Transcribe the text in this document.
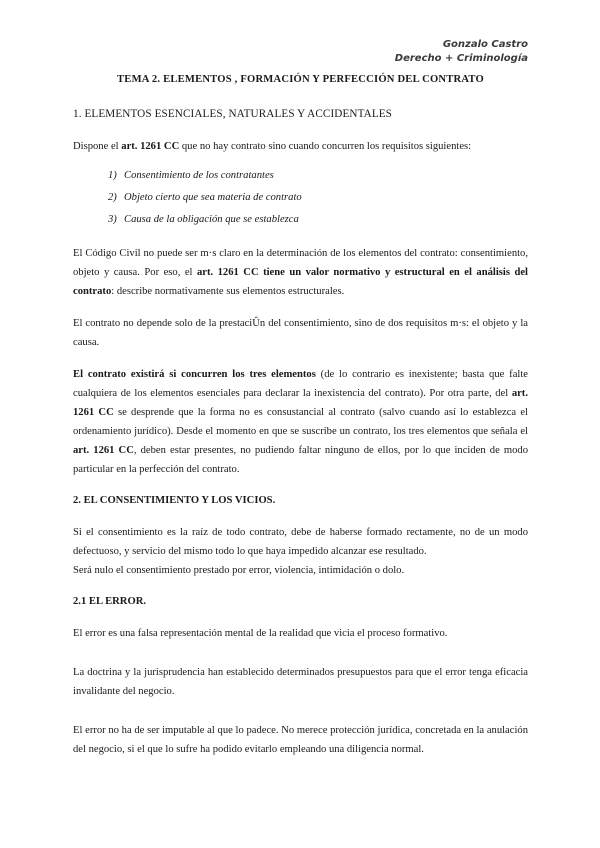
Gonzalo Castro
Derecho + Criminología

TEMA 2. ELEMENTOS , FORMACIÓN Y PERFECCIÓN DEL CONTRATO

1. ELEMENTOS ESENCIALES, NATURALES Y ACCIDENTALES

Dispone el art. 1261 CC que no hay contrato sino cuando concurren los requisitos siguientes:

1) Consentimiento de los contratantes
2) Objeto cierto que sea materia de contrato
3) Causa de la obligación que se establezca

El Código Civil no puede ser m·s claro en la determinación de los elementos del contrato: consentimiento, objeto y causa. Por eso, el art. 1261 CC tiene un valor normativo y estructural en el análisis del contrato: describe normativamente sus elementos estructurales.

El contrato no depende solo de la prestaciÛn del consentimiento, sino de dos requisitos m·s: el objeto y la causa.

El contrato existirá si concurren los tres elementos (de lo contrario es inexistente; basta que falte cualquiera de los elementos esenciales para declarar la inexistencia del contrato). Por otra parte, del art. 1261 CC se desprende que la forma no es consustancial al contrato (salvo cuando así lo establezca el ordenamiento jurídico). Desde el momento en que se suscribe un contrato, los tres elementos que señala el art. 1261 CC, deben estar presentes, no pudiendo faltar ninguno de ellos, por lo que inciden de modo particular en la perfección del contrato.

2. EL CONSENTIMIENTO Y LOS VICIOS.

Si el consentimiento es la raíz de todo contrato, debe de haberse formado rectamente, no de un modo defectuoso, y servicio del mismo todo lo que haya impedido alcanzar ese resultado.

Será nulo el consentimiento prestado por error, violencia, intimidación o dolo.

2.1 EL ERROR.

El error es una falsa representación mental de la realidad que vicia el proceso formativo.

La doctrina y la jurisprudencia han establecido determinados presupuestos para que el error tenga eficacia invalidante del negocio.

El error no ha de ser imputable al que lo padece. No merece protección jurídica, concretada en la anulación del negocio, si el que lo sufre ha podido evitarlo empleando una diligencia normal.
